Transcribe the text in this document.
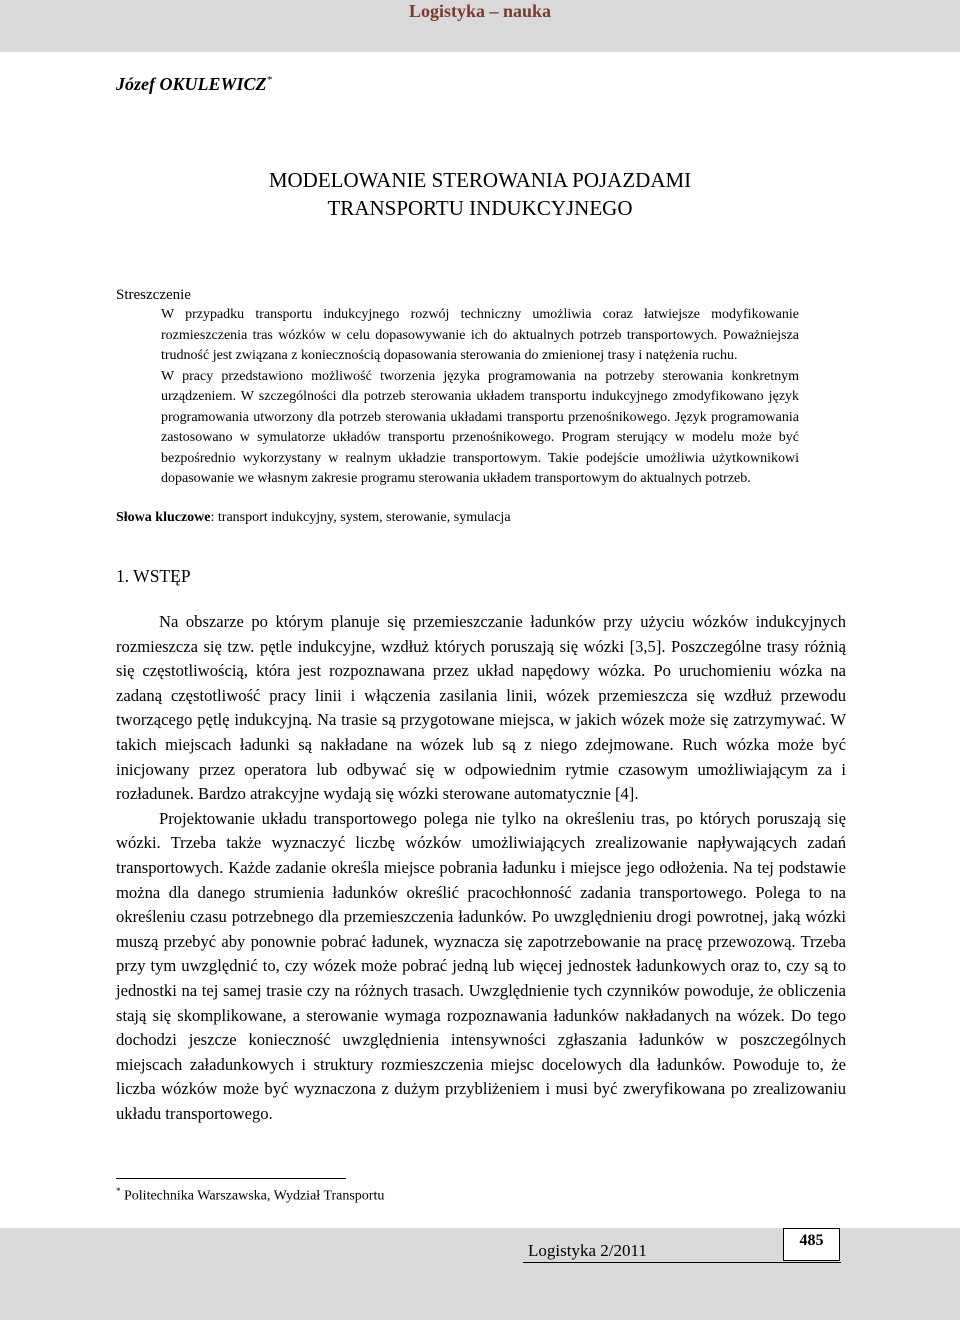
Logistyka – nauka
Józef OKULEWICZ*
MODELOWANIE STEROWANIA POJAZDAMI
TRANSPORTU INDUKCYJNEGO
Streszczenie

W przypadku transportu indukcyjnego rozwój techniczny umożliwia coraz łatwiejsze modyfikowanie rozmieszczenia tras wózków w celu dopasowywanie ich do aktualnych potrzeb transportowych. Poważniejsza trudność jest związana z koniecznością dopasowania sterowania do zmienionej trasy i natężenia ruchu.

W pracy przedstawiono możliwość tworzenia języka programowania na potrzeby sterowania konkretnym urządzeniem. W szczególności dla potrzeb sterowania układem transportu indukcyjnego zmodyfikowano język programowania utworzony dla potrzeb sterowania układami transportu przenośnikowego. Język programowania zastosowano w symulatorze układów transportu przenośnikowego. Program sterujący w modelu może być bezpośrednio wykorzystany w realnym układzie transportowym. Takie podejście umożliwia użytkownikowi dopasowanie we własnym zakresie programu sterowania układem transportowym do aktualnych potrzeb.

Słowa kluczowe: transport indukcyjny, system, sterowanie, symulacja
1. WSTĘP

Na obszarze po którym planuje się przemieszczanie ładunków przy użyciu wózków indukcyjnych rozmieszcza się tzw. pętle indukcyjne, wzdłuż których poruszają się wózki [3,5]. Poszczególne trasy różnią się częstotliwością, która jest rozpoznawana przez układ napędowy wózka. Po uruchomieniu wózka na zadaną częstotliwość pracy linii i włączenia zasilania linii, wózek przemieszcza się wzdłuż przewodu tworzącego pętlę indukcyjną. Na trasie są przygotowane miejsca, w jakich wózek może się zatrzymywać. W takich miejscach ładunki są nakładane na wózek lub są z niego zdejmowane. Ruch wózka może być inicjowany przez operatora lub odbywać się w odpowiednim rytmie czasowym umożliwiającym za i rozładunek. Bardzo atrakcyjne wydają się wózki sterowane automatycznie [4].

Projektowanie układu transportowego polega nie tylko na określeniu tras, po których poruszają się wózki. Trzeba także wyznaczyć liczbę wózków umożliwiających zrealizowanie napływających zadań transportowych. Każde zadanie określa miejsce pobrania ładunku i miejsce jego odłożenia. Na tej podstawie można dla danego strumienia ładunków określić pracochłonność zadania transportowego. Polega to na określeniu czasu potrzebnego dla przemieszczenia ładunków. Po uwzględnieniu drogi powrotnej, jaką wózki muszą przebyć aby ponownie pobrać ładunek, wyznacza się zapotrzebowanie na pracę przewozową. Trzeba przy tym uwzględnić to, czy wózek może pobrać jedną lub więcej jednostek ładunkowych oraz to, czy są to jednostki na tej samej trasie czy na różnych trasach. Uwzględnienie tych czynników powoduje, że obliczenia stają się skomplikowane, a sterowanie wymaga rozpoznawania ładunków nakładanych na wózek. Do tego dochodzi jeszcze konieczność uwzględnienia intensywności zgłaszania ładunków w poszczególnych miejscach załadunkowych i struktury rozmieszczenia miejsc docelowych dla ładunków. Powoduje to, że liczba wózków może być wyznaczona z dużym przybliżeniem i musi być zweryfikowana po zrealizowaniu układu transportowego.

* Politechnika Warszawska, Wydział Transportu
Logistyka 2/2011
485
